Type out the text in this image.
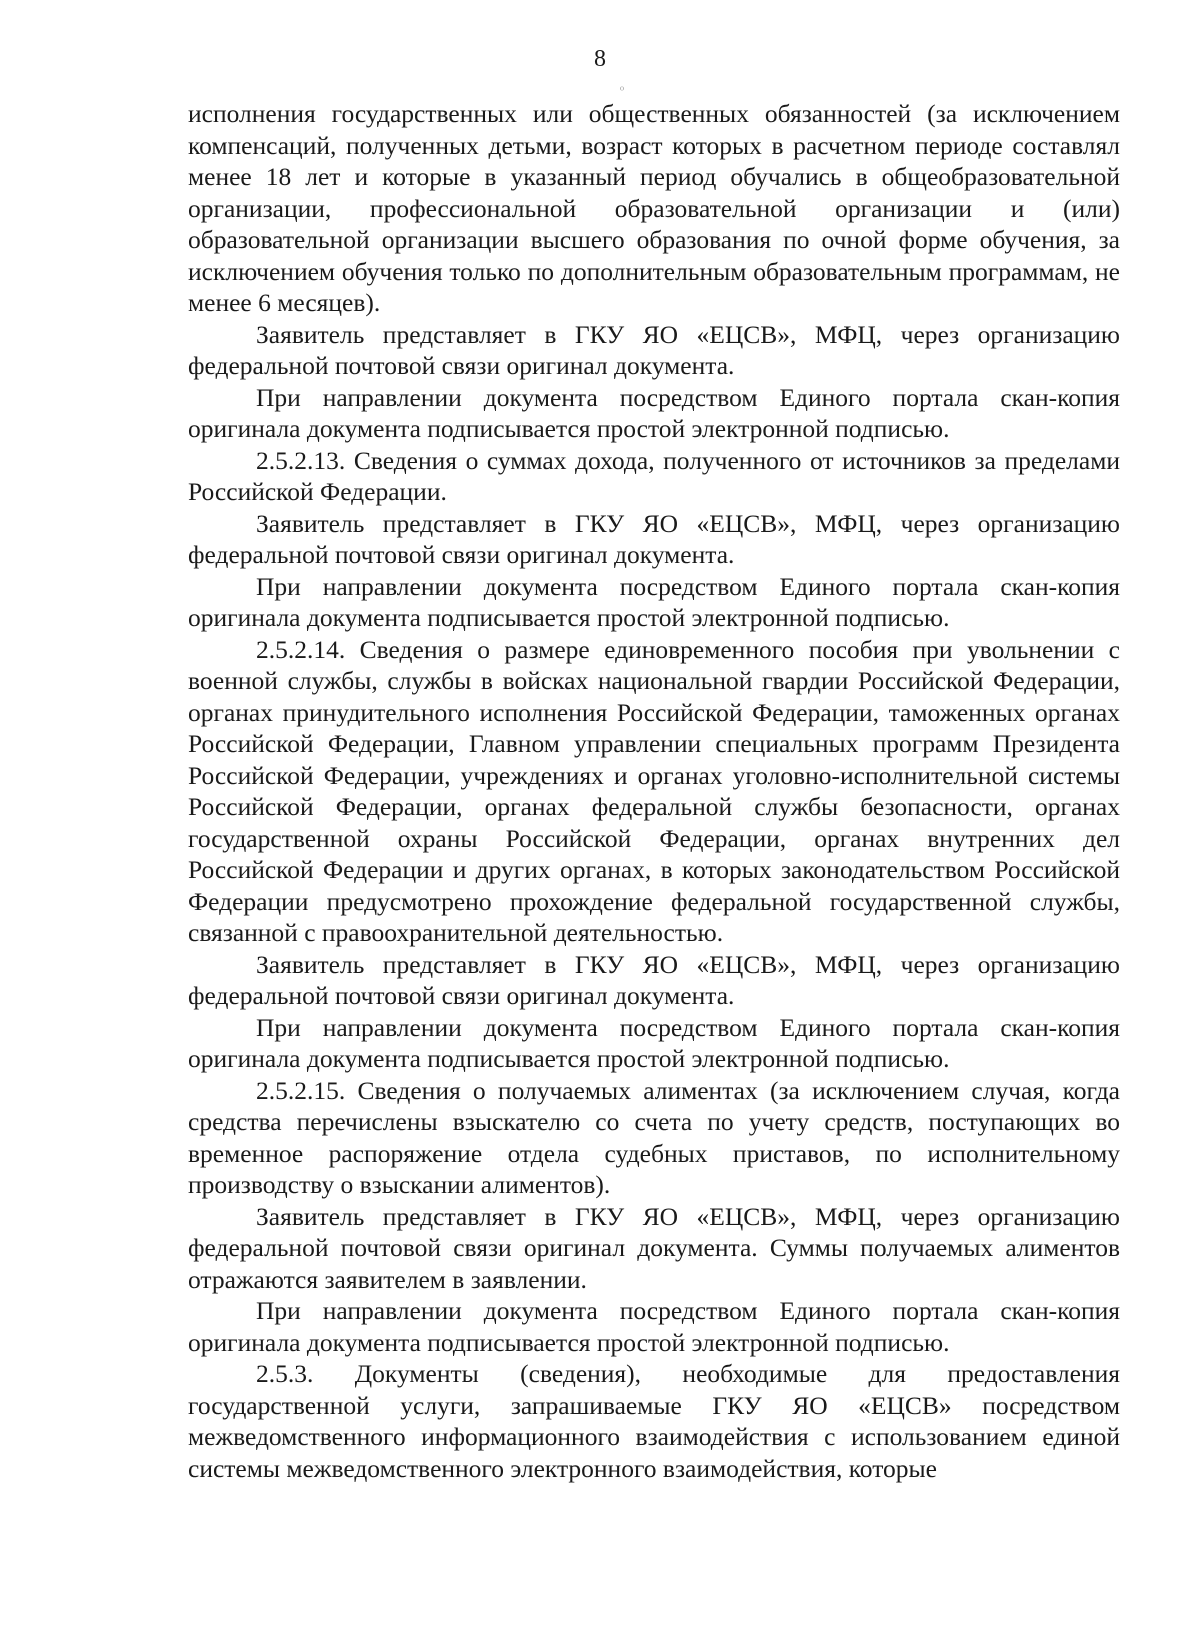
8
⁰

исполнения государственных или общественных обязанностей (за исключением компенсаций, полученных детьми, возраст которых в расчетном периоде составлял менее 18 лет и которые в указанный период обучались в общеобразовательной организации, профессиональной образовательной организации и (или) образовательной организации высшего образования по очной форме обучения, за исключением обучения только по дополнительным образовательным программам, не менее 6 месяцев).

Заявитель представляет в ГКУ ЯО «ЕЦСВ», МФЦ, через организацию федеральной почтовой связи оригинал документа.

При направлении документа посредством Единого портала скан-копия оригинала документа подписывается простой электронной подписью.

2.5.2.13. Сведения о суммах дохода, полученного от источников за пределами Российской Федерации.

Заявитель представляет в ГКУ ЯО «ЕЦСВ», МФЦ, через организацию федеральной почтовой связи оригинал документа.

При направлении документа посредством Единого портала скан-копия оригинала документа подписывается простой электронной подписью.

2.5.2.14. Сведения о размере единовременного пособия при увольнении с военной службы, службы в войсках национальной гвардии Российской Федерации, органах принудительного исполнения Российской Федерации, таможенных органах Российской Федерации, Главном управлении специальных программ Президента Российской Федерации, учреждениях и органах уголовно-исполнительной системы Российской Федерации, органах федеральной службы безопасности, органах государственной охраны Российской Федерации, органах внутренних дел Российской Федерации и других органах, в которых законодательством Российской Федерации предусмотрено прохождение федеральной государственной службы, связанной с правоохранительной деятельностью.

Заявитель представляет в ГКУ ЯО «ЕЦСВ», МФЦ, через организацию федеральной почтовой связи оригинал документа.

При направлении документа посредством Единого портала скан-копия оригинала документа подписывается простой электронной подписью.

2.5.2.15. Сведения о получаемых алиментах (за исключением случая, когда средства перечислены взыскателю со счета по учету средств, поступающих во временное распоряжение отдела судебных приставов, по исполнительному производству о взыскании алиментов).

Заявитель представляет в ГКУ ЯО «ЕЦСВ», МФЦ, через организацию федеральной почтовой связи оригинал документа. Суммы получаемых алиментов отражаются заявителем в заявлении.

При направлении документа посредством Единого портала скан-копия оригинала документа подписывается простой электронной подписью.

2.5.3. Документы (сведения), необходимые для предоставления государственной услуги, запрашиваемые ГКУ ЯО «ЕЦСВ» посредством межведомственного информационного взаимодействия с использованием единой системы межведомственного электронного взаимодействия, которые
